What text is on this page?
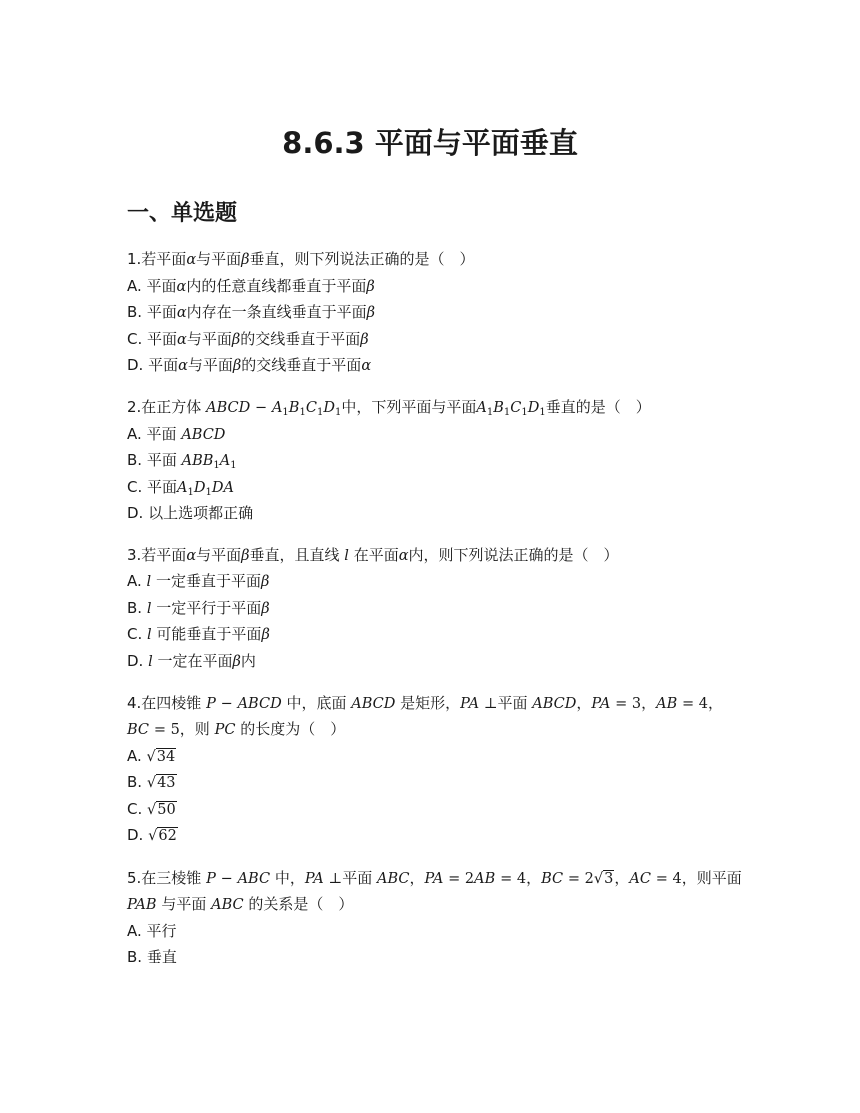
8.6.3 平面与平面垂直
一、单选题
1.若平面α与平面β垂直，则下列说法正确的是（　）
A. 平面α内的任意直线都垂直于平面β
B. 平面α内存在一条直线垂直于平面β
C. 平面α与平面β的交线垂直于平面β
D. 平面α与平面β的交线垂直于平面α
2.在正方体 ABCD − $A_1B_1C_1D_1$中，下列平面与平面$A_1B_1C_1D_1$垂直的是（　）
A. 平面 ABCD
B. 平面 $ABB_1A_1$
C. 平面$A_1D_1DA$
D. 以上选项都正确
3.若平面α与平面β垂直，且直线 l 在平面α内，则下列说法正确的是（　）
A. l 一定垂直于平面β
B. l 一定平行于平面β
C. l 可能垂直于平面β
D. l 一定在平面β内
4.在四棱锥 P − ABCD 中，底面 ABCD 是矩形，PA ⊥平面 ABCD，PA = 3，AB = 4，
BC = 5，则 PC 的长度为（　）
A. √34
B. √43
C. √50
D. √62
5.在三棱锥 P − ABC 中，PA ⊥平面 ABC，PA = 2AB = 4，BC = 2√3，AC = 4，则平面
PAB 与平面 ABC 的关系是（　）
A. 平行
B. 垂直
